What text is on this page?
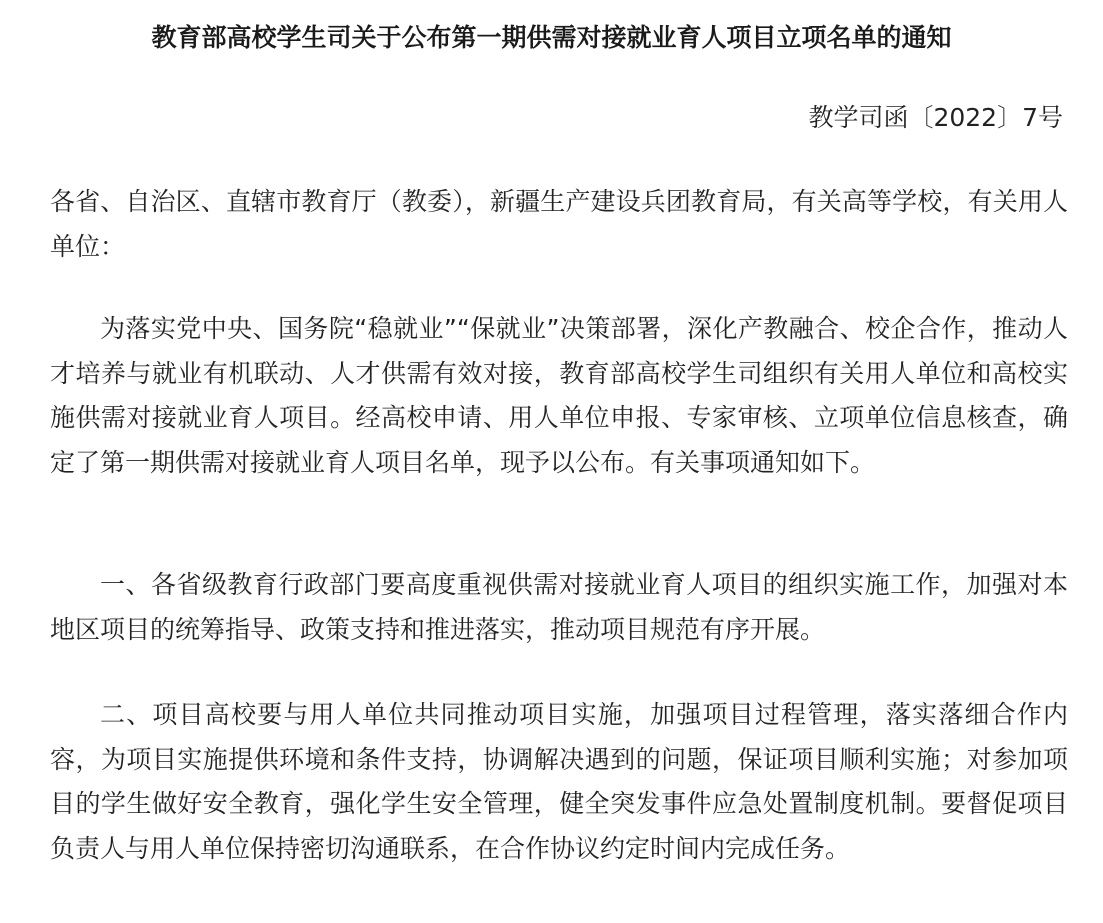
教育部高校学生司关于公布第一期供需对接就业育人项目立项名单的通知
教学司函〔2022〕7号

各省、自治区、直辖市教育厅（教委），新疆生产建设兵团教育局，有关高等学校，有关用人单位：

为落实党中央、国务院“稳就业”“保就业”决策部署，深化产教融合、校企合作，推动人才培养与就业有机联动、人才供需有效对接，教育部高校学生司组织有关用人单位和高校实施供需对接就业育人项目。经高校申请、用人单位申报、专家审核、立项单位信息核查，确定了第一期供需对接就业育人项目名单，现予以公布。有关事项通知如下。

一、各省级教育行政部门要高度重视供需对接就业育人项目的组织实施工作，加强对本地区项目的统筹指导、政策支持和推进落实，推动项目规范有序开展。

二、项目高校要与用人单位共同推动项目实施，加强项目过程管理，落实落细合作内容，为项目实施提供环境和条件支持，协调解决遇到的问题，保证项目顺利实施；对参加项目的学生做好安全教育，强化学生安全管理，健全突发事件应急处置制度机制。要督促项目负责人与用人单位保持密切沟通联系，在合作协议约定时间内完成任务。
